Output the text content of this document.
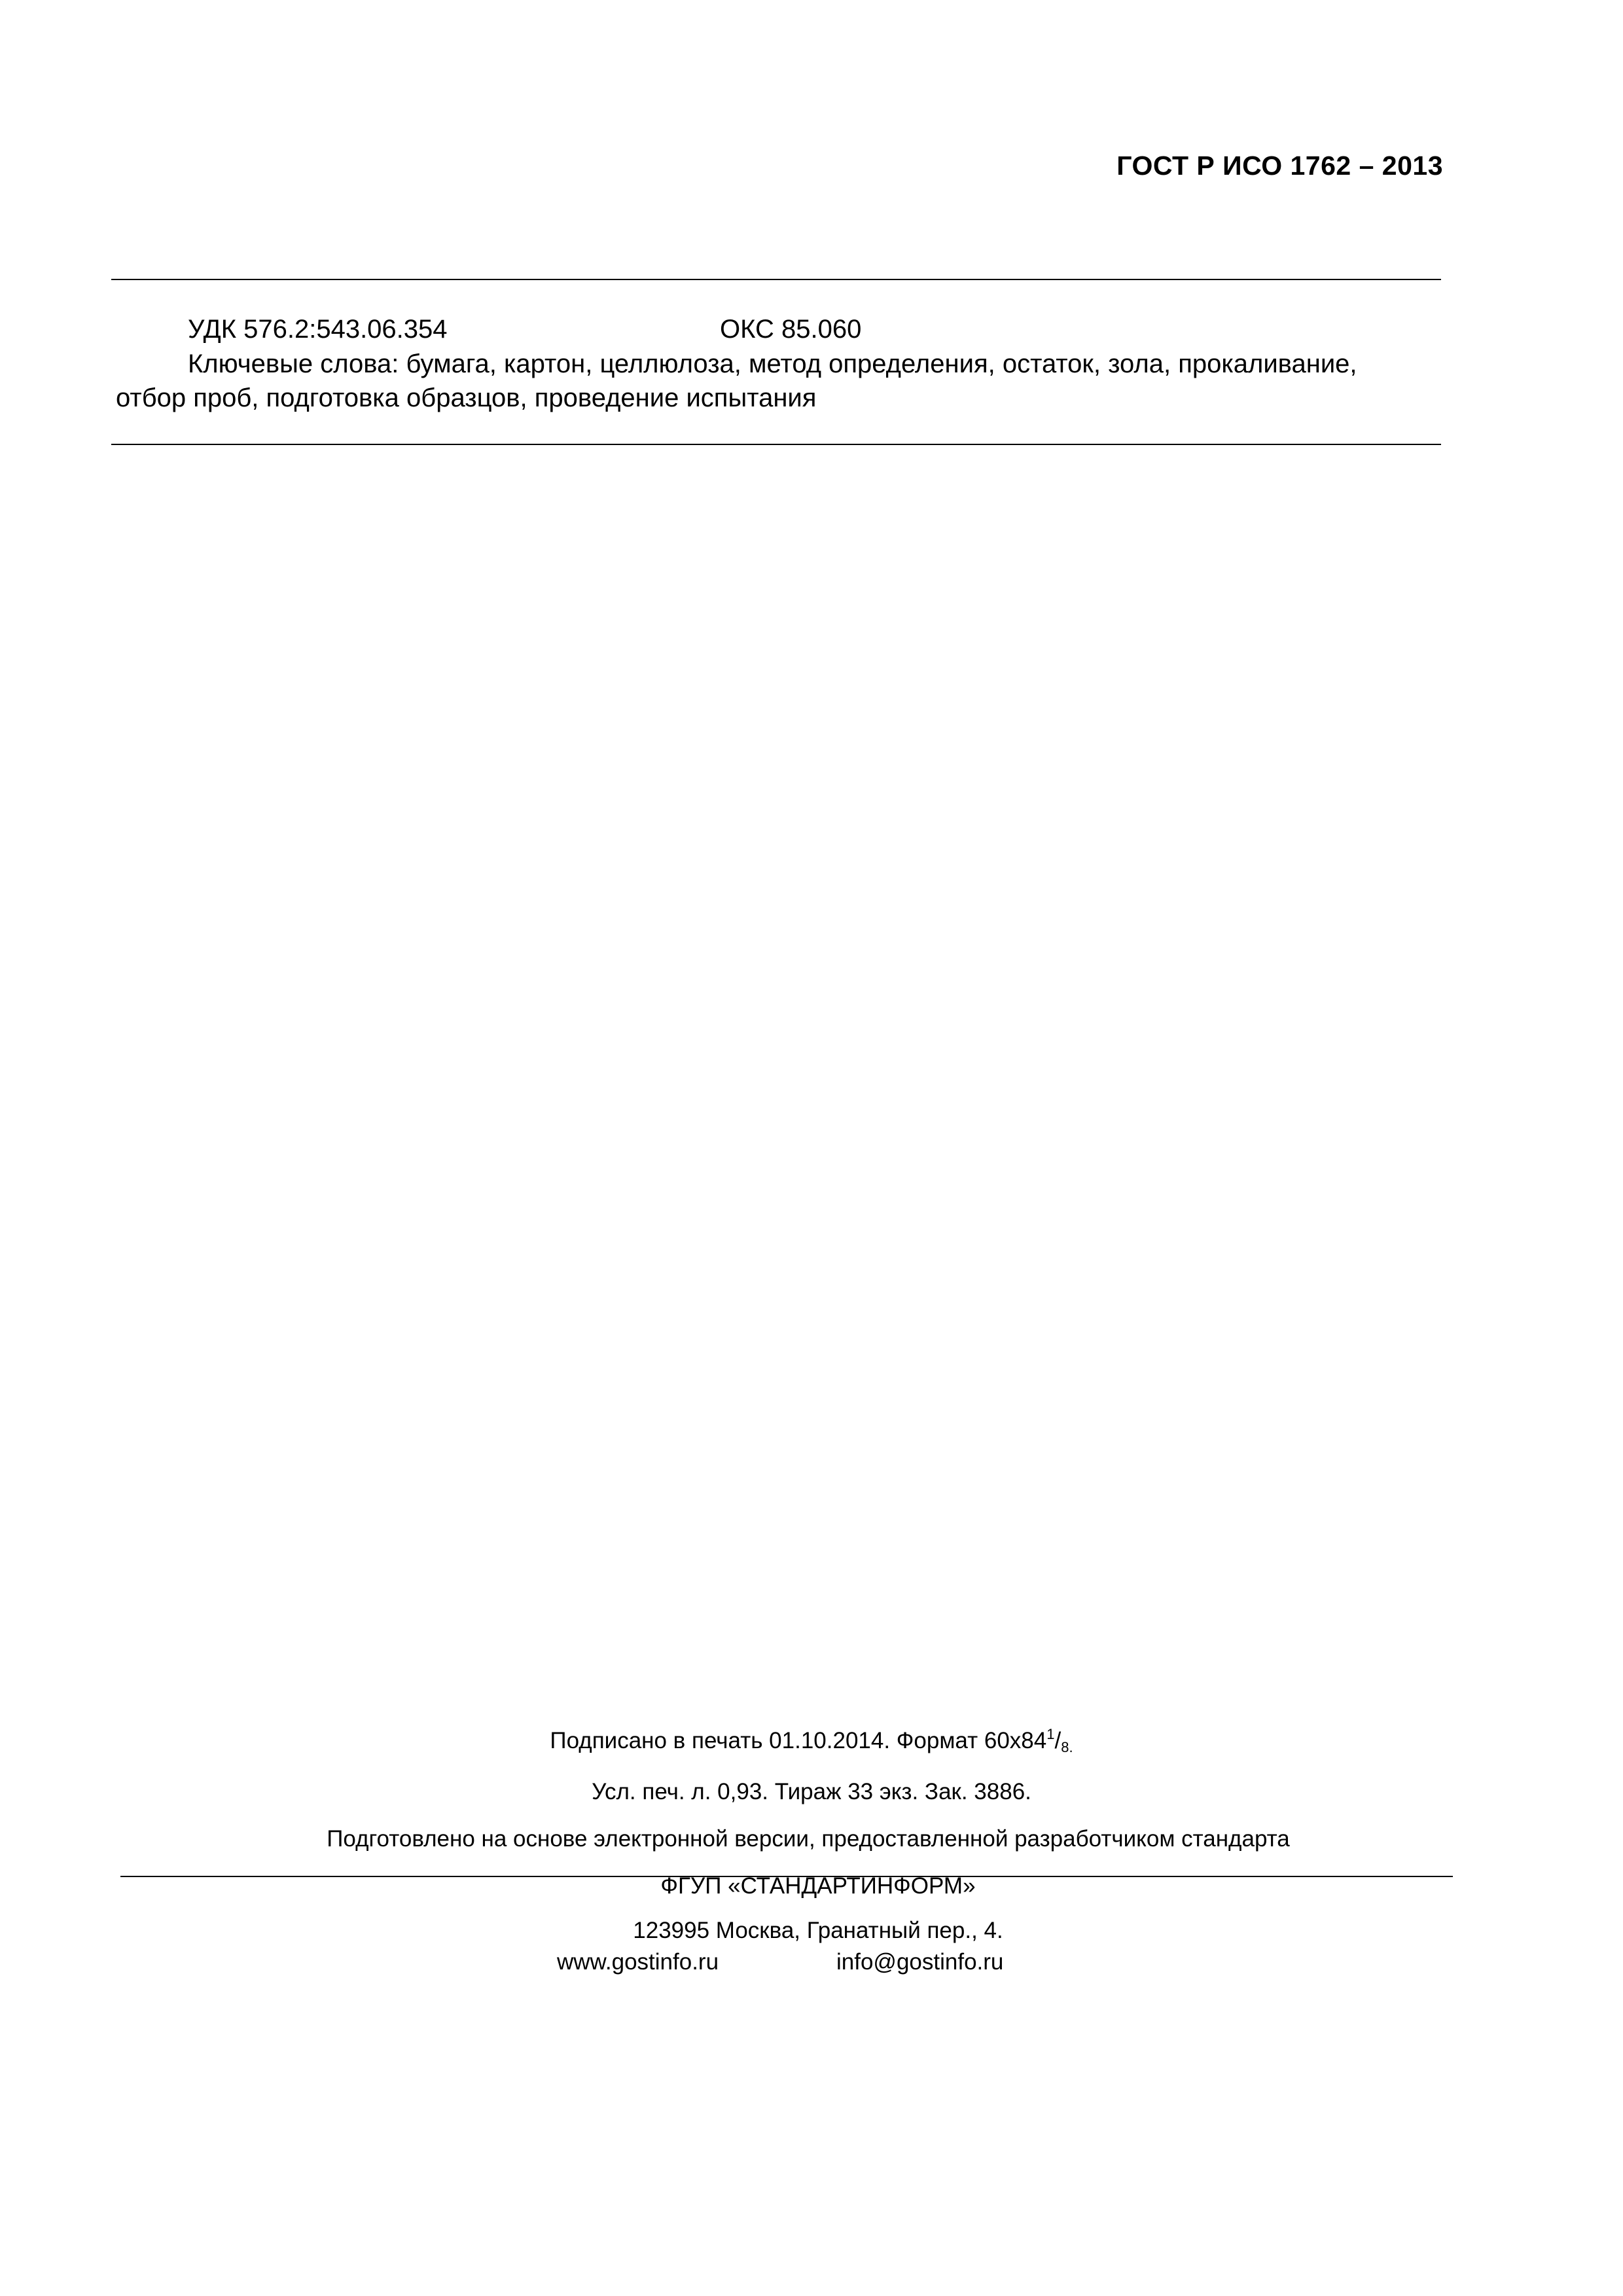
ГОСТ Р ИСО 1762 – 2013
УДК 576.2:543.06.354	ОКС 85.060
Ключевые слова: бумага, картон, целлюлоза, метод определения, остаток, зола, прокаливание,
отбор проб, подготовка образцов, проведение испытания
Подписано в печать 01.10.2014. Формат $60х84^1/_{8.}$
Усл. печ. л. 0,93. Тираж 33 экз. Зак. 3886.
Подготовлено на основе электронной версии, предоставленной разработчиком стандарта
ФГУП «СТАНДАРТИНФОРМ»
123995 Москва, Гранатный пер., 4.
www.gostinfo.ru	info@gostinfo.ru
